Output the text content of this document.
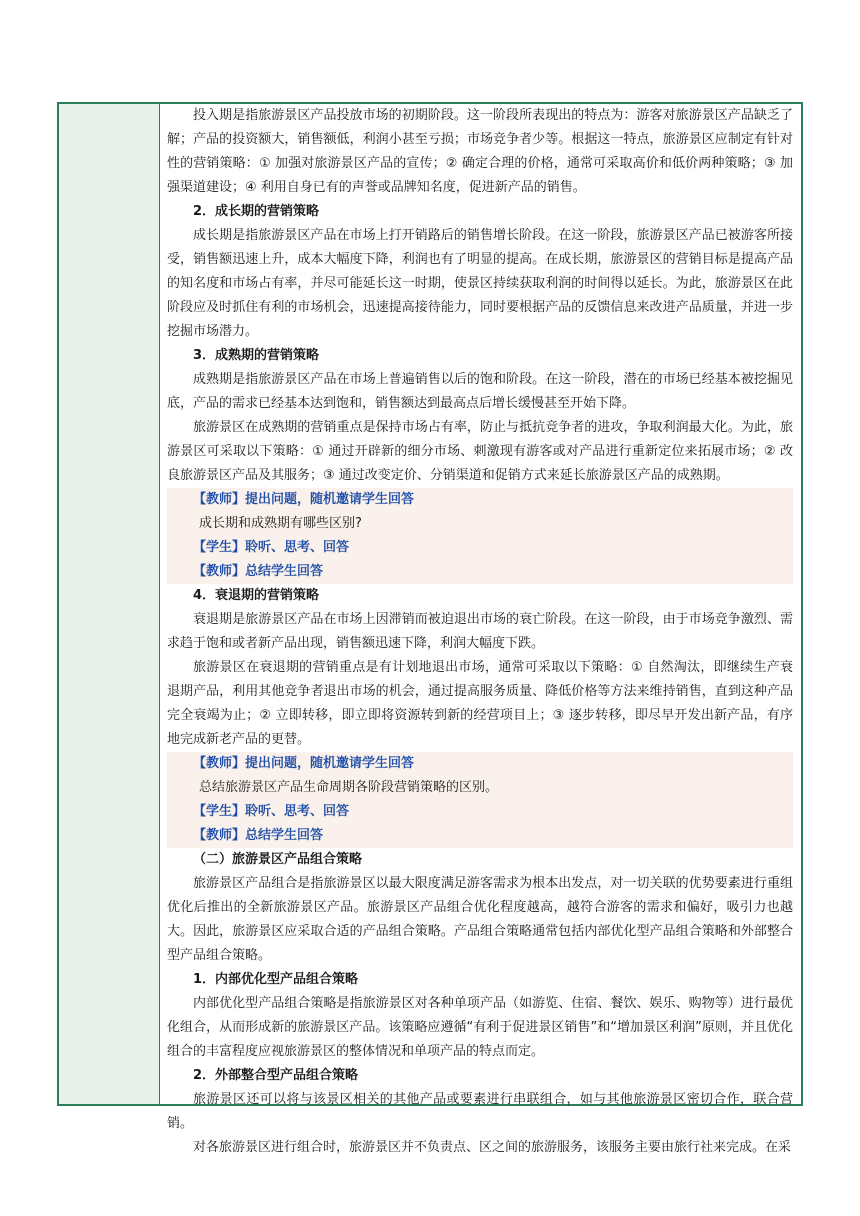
投入期是指旅游景区产品投放市场的初期阶段。这一阶段所表现出的特点为：游客对旅游景区产品缺乏了解；产品的投资额大，销售额低，利润小甚至亏损；市场竞争者少等。根据这一特点，旅游景区应制定有针对性的营销策略：① 加强对旅游景区产品的宣传；② 确定合理的价格，通常可采取高价和低价两种策略；③ 加强渠道建设；④ 利用自身已有的声誉或品牌知名度，促进新产品的销售。

2．成长期的营销策略

成长期是指旅游景区产品在市场上打开销路后的销售增长阶段。在这一阶段，旅游景区产品已被游客所接受，销售额迅速上升，成本大幅度下降，利润也有了明显的提高。在成长期，旅游景区的营销目标是提高产品的知名度和市场占有率，并尽可能延长这一时期，使景区持续获取利润的时间得以延长。为此，旅游景区在此阶段应及时抓住有利的市场机会，迅速提高接待能力，同时要根据产品的反馈信息来改进产品质量，并进一步挖掘市场潜力。

3．成熟期的营销策略

成熟期是指旅游景区产品在市场上普遍销售以后的饱和阶段。在这一阶段，潜在的市场已经基本被挖掘见底，产品的需求已经基本达到饱和，销售额达到最高点后增长缓慢甚至开始下降。

旅游景区在成熟期的营销重点是保持市场占有率，防止与抵抗竞争者的进攻，争取利润最大化。为此，旅游景区可采取以下策略：① 通过开辟新的细分市场、刺激现有游客或对产品进行重新定位来拓展市场；② 改良旅游景区产品及其服务；③ 通过改变定价、分销渠道和促销方式来延长旅游景区产品的成熟期。

【教师】提出问题，随机邀请学生回答

成长期和成熟期有哪些区别?

【学生】聆听、思考、回答

【教师】总结学生回答

4．衰退期的营销策略

衰退期是旅游景区产品在市场上因滞销而被迫退出市场的衰亡阶段。在这一阶段，由于市场竞争激烈、需求趋于饱和或者新产品出现，销售额迅速下降，利润大幅度下跌。

旅游景区在衰退期的营销重点是有计划地退出市场，通常可采取以下策略：① 自然淘汰，即继续生产衰退期产品，利用其他竞争者退出市场的机会，通过提高服务质量、降低价格等方法来维持销售，直到这种产品完全衰竭为止；② 立即转移，即立即将资源转到新的经营项目上；③ 逐步转移，即尽早开发出新产品，有序地完成新老产品的更替。

【教师】提出问题，随机邀请学生回答

总结旅游景区产品生命周期各阶段营销策略的区别。

【学生】聆听、思考、回答

【教师】总结学生回答

（二）旅游景区产品组合策略

旅游景区产品组合是指旅游景区以最大限度满足游客需求为根本出发点，对一切关联的优势要素进行重组优化后推出的全新旅游景区产品。旅游景区产品组合优化程度越高，越符合游客的需求和偏好，吸引力也越大。因此，旅游景区应采取合适的产品组合策略。产品组合策略通常包括内部优化型产品组合策略和外部整合型产品组合策略。

1．内部优化型产品组合策略

内部优化型产品组合策略是指旅游景区对各种单项产品（如游览、住宿、餐饮、娱乐、购物等）进行最优化组合，从而形成新的旅游景区产品。该策略应遵循“有利于促进景区销售”和“增加景区利润”原则，并且优化组合的丰富程度应视旅游景区的整体情况和单项产品的特点而定。

2．外部整合型产品组合策略

旅游景区还可以将与该景区相关的其他产品或要素进行串联组合，如与其他旅游景区密切合作，联合营销。

对各旅游景区进行组合时，旅游景区并不负责点、区之间的旅游服务，该服务主要由旅行社来完成。在采
